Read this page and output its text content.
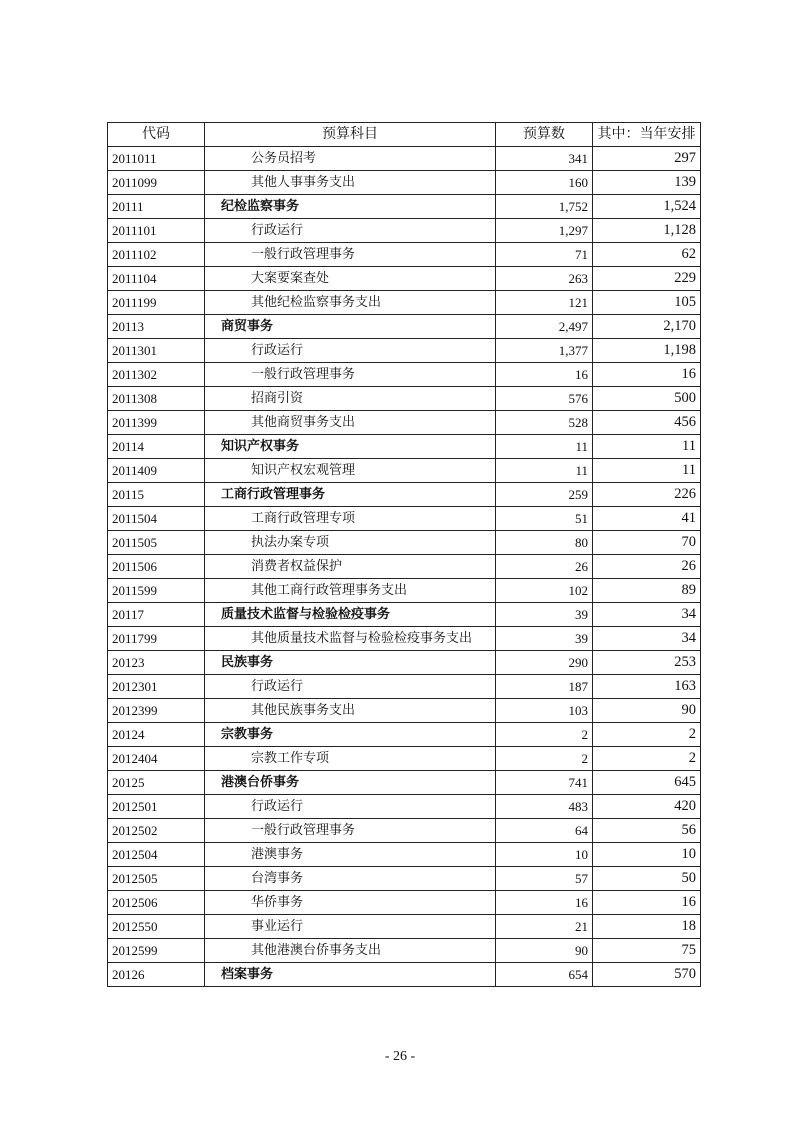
代码	预算科目	预算数	其中：当年安排
2011011	公务员招考	341	297
2011099	其他人事事务支出	160	139
20111	纪检监察事务	1,752	1,524
2011101	行政运行	1,297	1,128
2011102	一般行政管理事务	71	62
2011104	大案要案查处	263	229
2011199	其他纪检监察事务支出	121	105
20113	商贸事务	2,497	2,170
2011301	行政运行	1,377	1,198
2011302	一般行政管理事务	16	16
2011308	招商引资	576	500
2011399	其他商贸事务支出	528	456
20114	知识产权事务	11	11
2011409	知识产权宏观管理	11	11
20115	工商行政管理事务	259	226
2011504	工商行政管理专项	51	41
2011505	执法办案专项	80	70
2011506	消费者权益保护	26	26
2011599	其他工商行政管理事务支出	102	89
20117	质量技术监督与检验检疫事务	39	34
2011799	其他质量技术监督与检验检疫事务支出	39	34
20123	民族事务	290	253
2012301	行政运行	187	163
2012399	其他民族事务支出	103	90
20124	宗教事务	2	2
2012404	宗教工作专项	2	2
20125	港澳台侨事务	741	645
2012501	行政运行	483	420
2012502	一般行政管理事务	64	56
2012504	港澳事务	10	10
2012505	台湾事务	57	50
2012506	华侨事务	16	16
2012550	事业运行	21	18
2012599	其他港澳台侨事务支出	90	75
20126	档案事务	654	570
- 26 -
